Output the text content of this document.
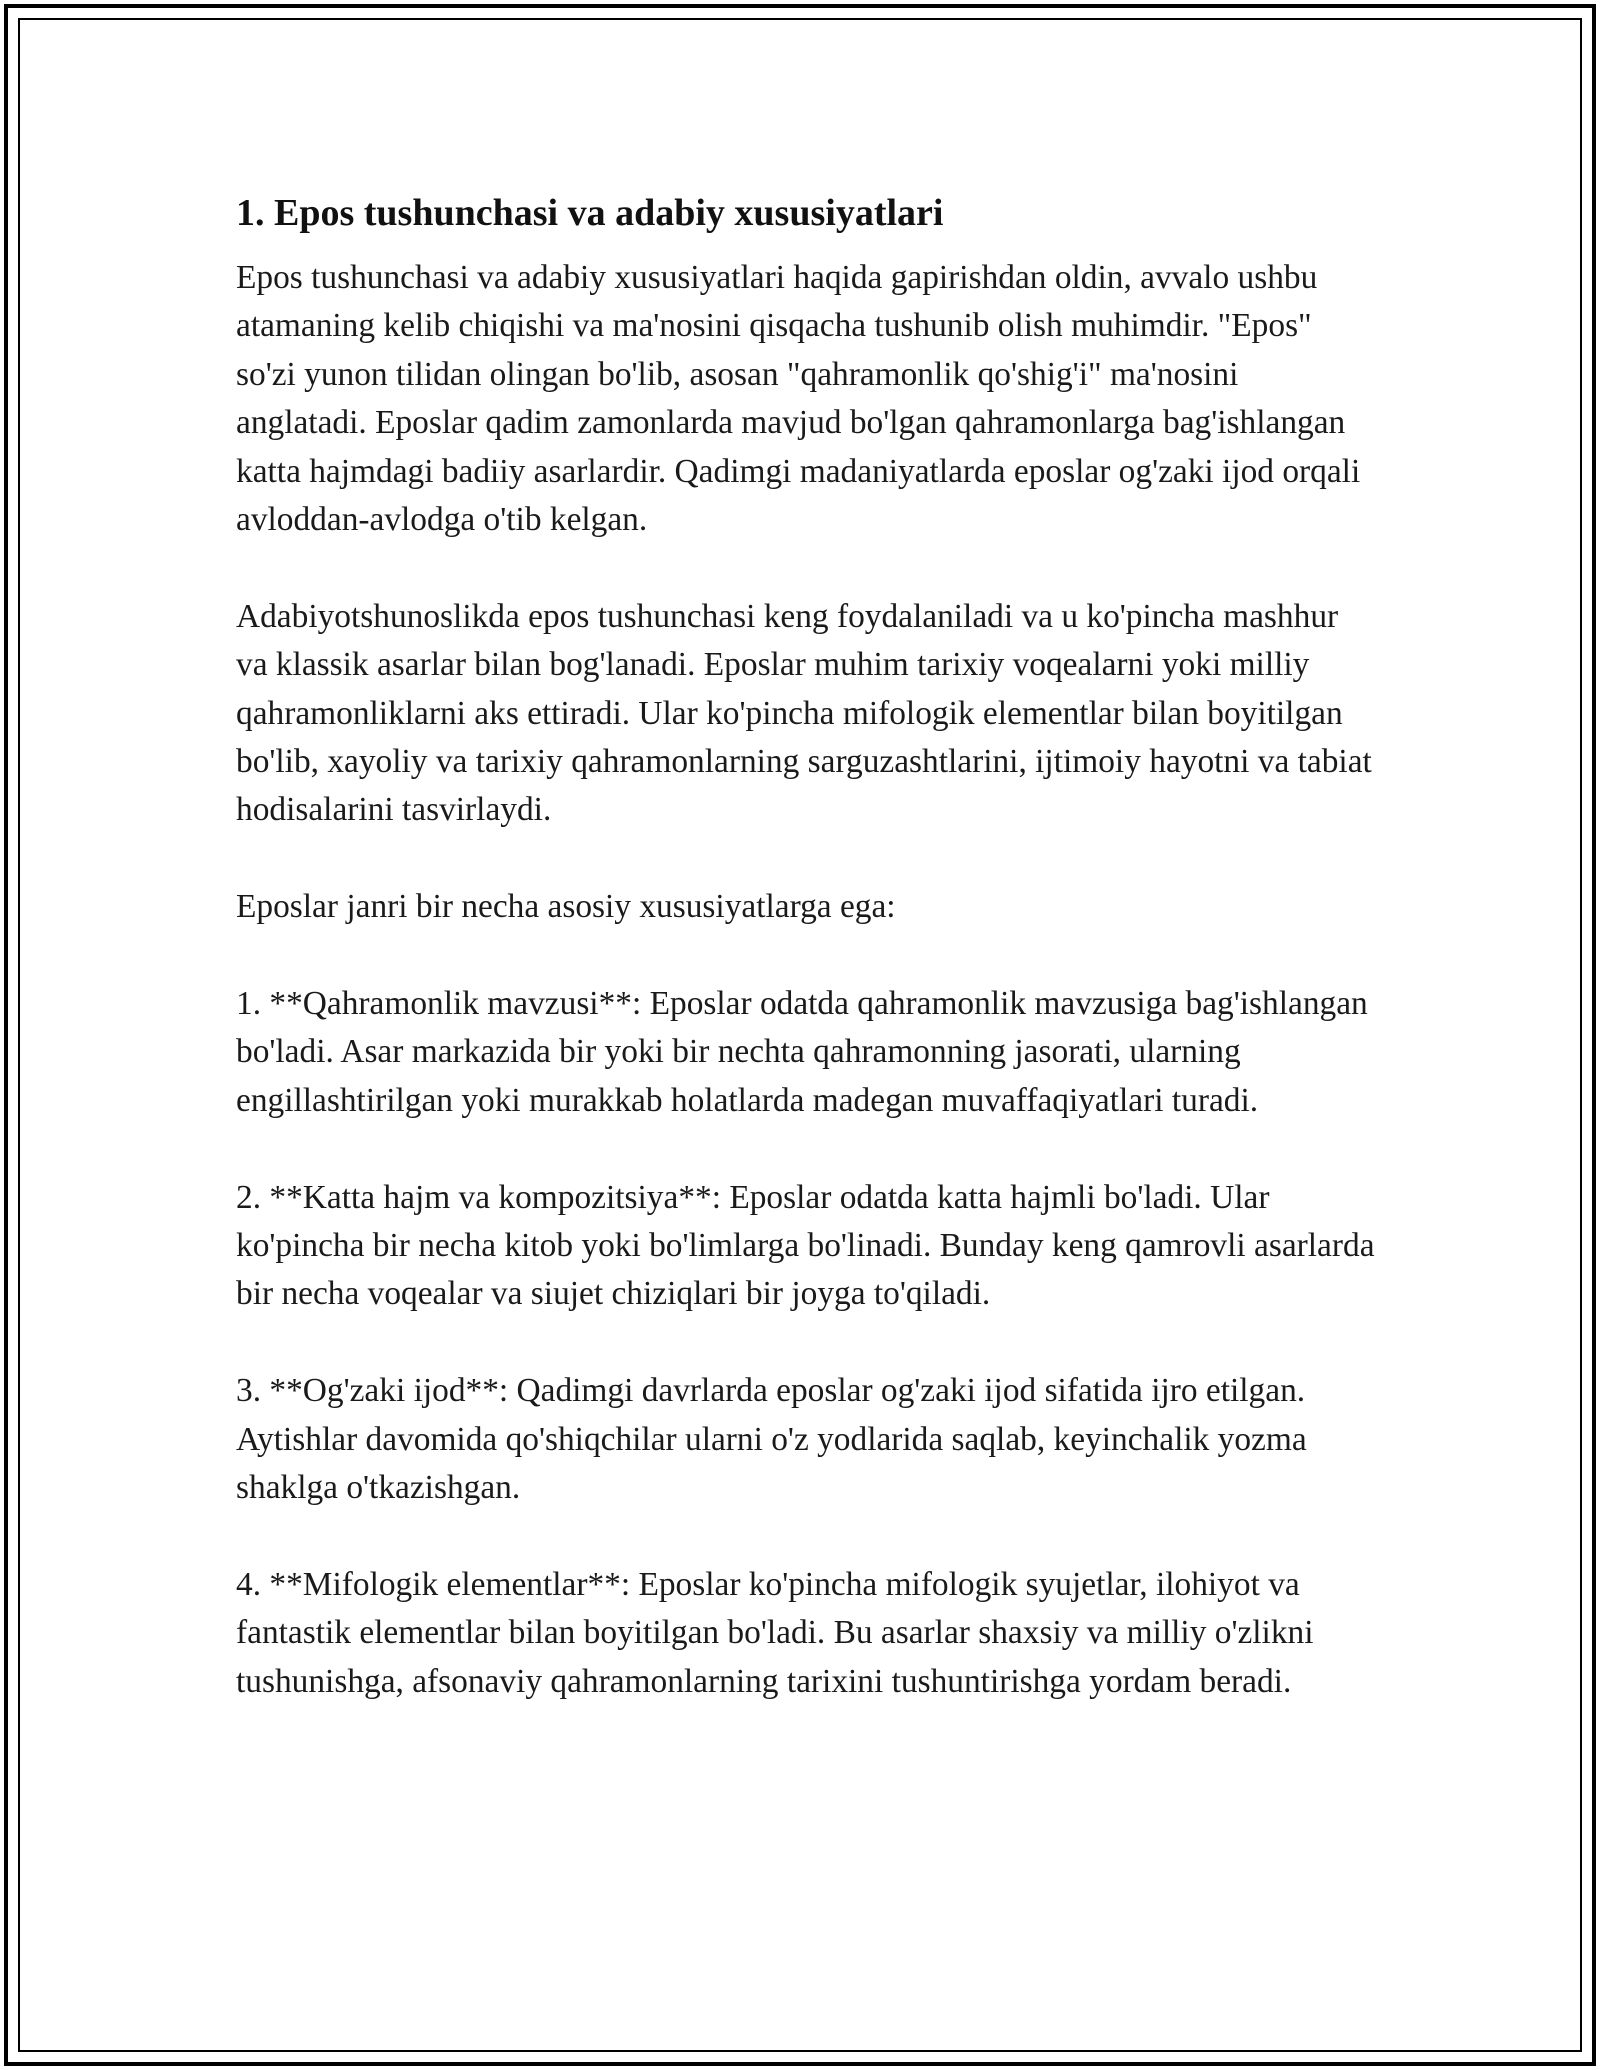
1. Epos tushunchasi va adabiy xususiyatlari

Epos tushunchasi va adabiy xususiyatlari haqida gapirishdan oldin, avvalo ushbu atamaning kelib chiqishi va ma'nosini qisqacha tushunib olish muhimdir. "Epos" so'zi yunon tilidan olingan bo'lib, asosan "qahramonlik qo'shig'i" ma'nosini anglatadi. Eposlar qadim zamonlarda mavjud bo'lgan qahramonlarga bag'ishlangan katta hajmdagi badiiy asarlardir. Qadimgi madaniyatlarda eposlar og'zaki ijod orqali avloddan-avlodga o'tib kelgan.

Adabiyotshunoslikda epos tushunchasi keng foydalaniladi va u ko'pincha mashhur va klassik asarlar bilan bog'lanadi. Eposlar muhim tarixiy voqealarni yoki milliy qahramonliklarni aks ettiradi. Ular ko'pincha mifologik elementlar bilan boyitilgan bo'lib, xayoliy va tarixiy qahramonlarning sarguzashtlarini, ijtimoiy hayotni va tabiat hodisalarini tasvirlaydi.

Eposlar janri bir necha asosiy xususiyatlarga ega:

1. **Qahramonlik mavzusi**: Eposlar odatda qahramonlik mavzusiga bag'ishlangan bo'ladi. Asar markazida bir yoki bir nechta qahramonning jasorati, ularning engillashtirilgan yoki murakkab holatlarda madegan muvaffaqiyatlari turadi.

2. **Katta hajm va kompozitsiya**: Eposlar odatda katta hajmli bo'ladi. Ular ko'pincha bir necha kitob yoki bo'limlarga bo'linadi. Bunday keng qamrovli asarlarda bir necha voqealar va siujet chiziqlari bir joyga to'qiladi.

3. **Og'zaki ijod**: Qadimgi davrlarda eposlar og'zaki ijod sifatida ijro etilgan. Aytishlar davomida qo'shiqchilar ularni o'z yodlarida saqlab, keyinchalik yozma shaklga o'tkazishgan.

4. **Mifologik elementlar**: Eposlar ko'pincha mifologik syujetlar, ilohiyot va fantastik elementlar bilan boyitilgan bo'ladi. Bu asarlar shaxsiy va milliy o'zlikni tushunishga, afsonaviy qahramonlarning tarixini tushuntirishga yordam beradi.
